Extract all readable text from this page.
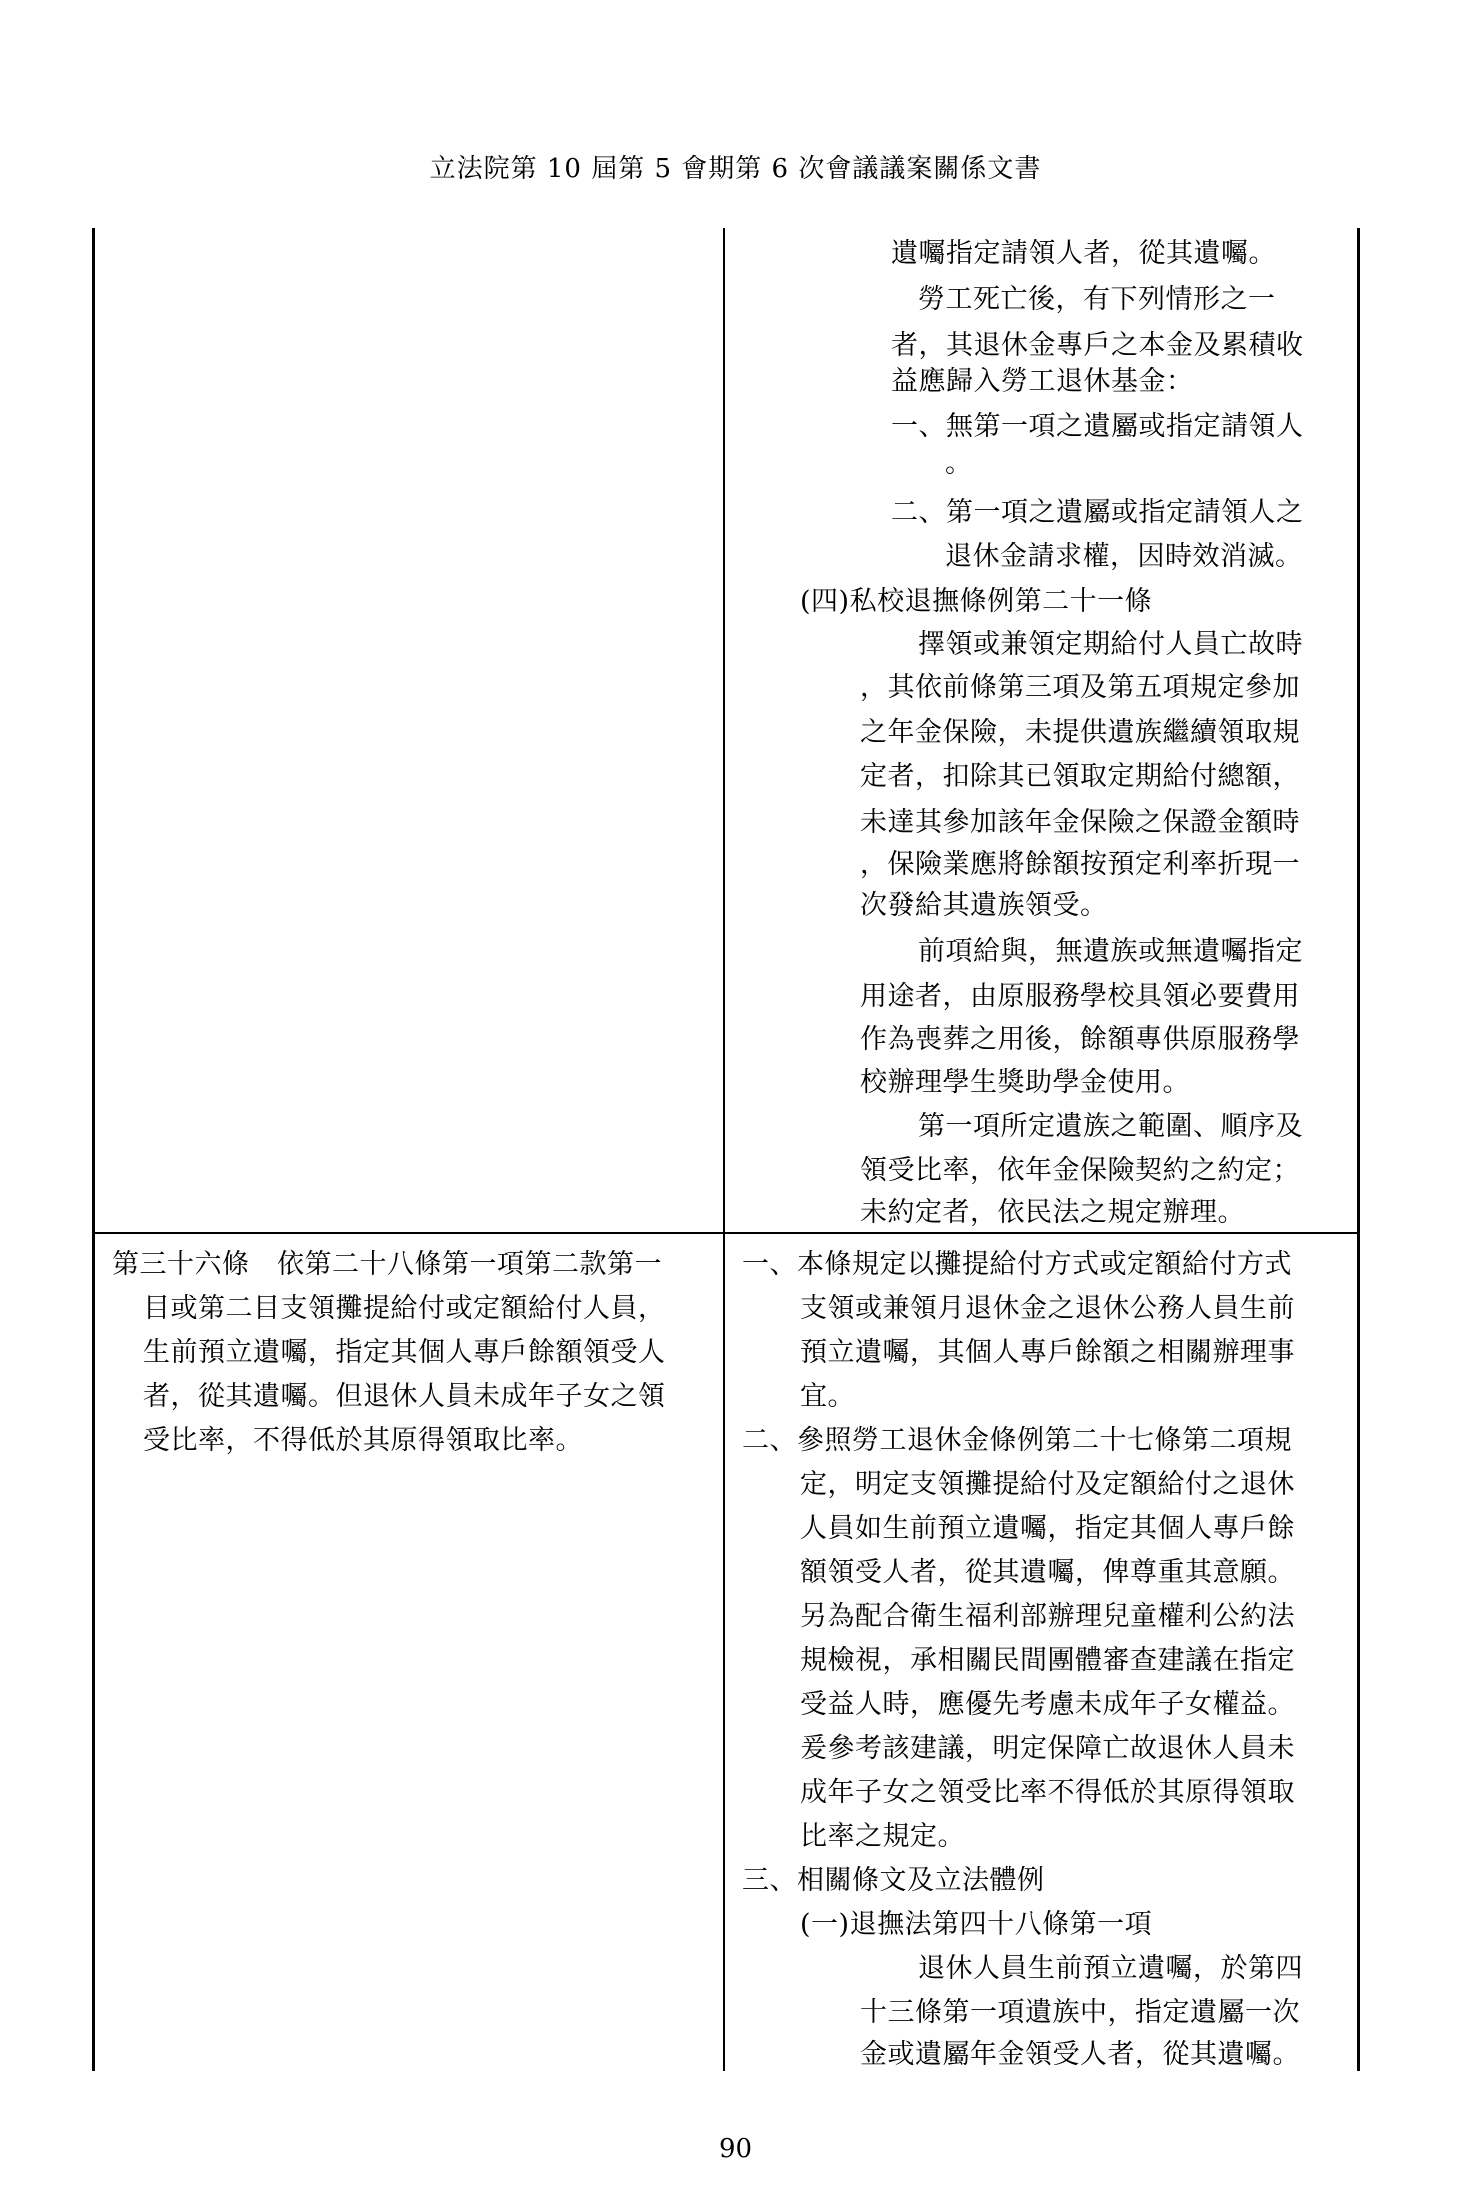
立法院第 10 屆第 5 會期第 6 次會議議案關係文書
遺囑指定請領人者，從其遺囑。
勞工死亡後，有下列情形之一
者，其退休金專戶之本金及累積收
益應歸入勞工退休基金：
一、無第一項之遺屬或指定請領人
。
二、第一項之遺屬或指定請領人之
退休金請求權，因時效消滅。
(四)私校退撫條例第二十一條
擇領或兼領定期給付人員亡故時
，其依前條第三項及第五項規定參加
之年金保險，未提供遺族繼續領取規
定者，扣除其已領取定期給付總額，
未達其參加該年金保險之保證金額時
，保險業應將餘額按預定利率折現一
次發給其遺族領受。
前項給與，無遺族或無遺囑指定
用途者，由原服務學校具領必要費用
作為喪葬之用後，餘額專供原服務學
校辦理學生獎助學金使用。
第一項所定遺族之範圍、順序及
領受比率，依年金保險契約之約定；
未約定者，依民法之規定辦理。
第三十六條　依第二十八條第一項第二款第一
目或第二目支領攤提給付或定額給付人員，
生前預立遺囑，指定其個人專戶餘額領受人
者，從其遺囑。但退休人員未成年子女之領
受比率，不得低於其原得領取比率。
一、本條規定以攤提給付方式或定額給付方式
支領或兼領月退休金之退休公務人員生前
預立遺囑，其個人專戶餘額之相關辦理事
宜。
二、參照勞工退休金條例第二十七條第二項規
定，明定支領攤提給付及定額給付之退休
人員如生前預立遺囑，指定其個人專戶餘
額領受人者，從其遺囑，俾尊重其意願。
另為配合衛生福利部辦理兒童權利公約法
規檢視，承相關民間團體審查建議在指定
受益人時，應優先考慮未成年子女權益。
爰參考該建議，明定保障亡故退休人員未
成年子女之領受比率不得低於其原得領取
比率之規定。
三、相關條文及立法體例
(一)退撫法第四十八條第一項
退休人員生前預立遺囑，於第四
十三條第一項遺族中，指定遺屬一次
金或遺屬年金領受人者，從其遺囑。
90
